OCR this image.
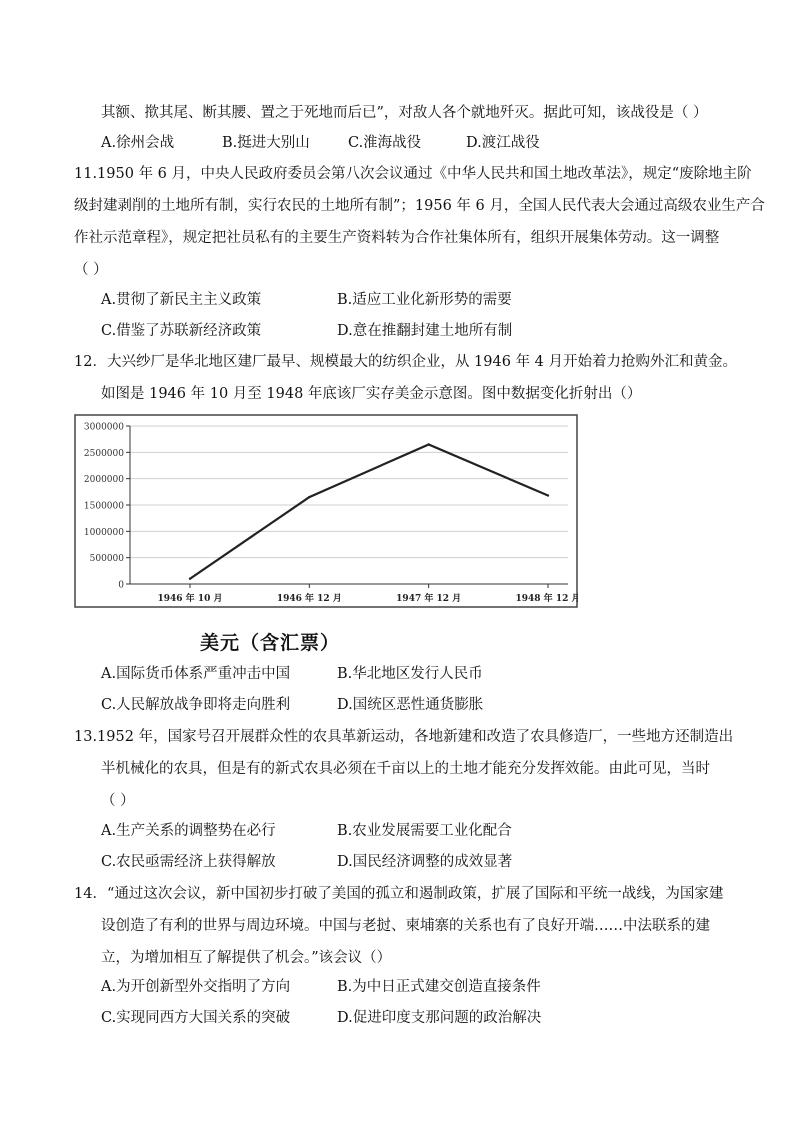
其额、揿其尾、断其腰、置之于死地而后已”，对敌人各个就地歼灭。据此可知，该战役是（ ）
A.徐州会战	B.挺进大别山	C.淮海战役	D.渡江战役
11.1950 年 6 月，中央人民政府委员会第八次会议通过《中华人民共和国土地改革法》，规定“废除地主阶
级封建剥削的土地所有制，实行农民的土地所有制”；1956 年 6 月，全国人民代表大会通过高级农业生产合
作社示范章程》，规定把社员私有的主要生产资料转为合作社集体所有，组织开展集体劳动。这一调整
（ ）
A.贯彻了新民主主义政策	B.适应工业化新形势的需要
C.借鉴了苏联新经济政策	D.意在推翻封建土地所有制
12．大兴纱厂是华北地区建厂最早、规模最大的纺织企业，从 1946 年 4 月开始着力抢购外汇和黄金。
如图是 1946 年 10 月至 1948 年底该厂实存美金示意图。图中数据变化折射出（）
0
500000
1000000
1500000
2000000
2500000
3000000
1946 年 10 月	1946 年 12 月	1947 年 12 月	1948 年 12 月
美元（含汇票）
A.国际货币体系严重冲击中国	B.华北地区发行人民币
C.人民解放战争即将走向胜利	D.国统区恶性通货膨胀
13.1952 年，国家号召开展群众性的农具革新运动，各地新建和改造了农具修造厂，一些地方还制造出
半机械化的农具，但是有的新式农具必须在千亩以上的土地才能充分发挥效能。由此可见，当时
（ ）
A.生产关系的调整势在必行	B.农业发展需要工业化配合
C.农民亟需经济上获得解放	D.国民经济调整的成效显著
14．“通过这次会议，新中国初步打破了美国的孤立和遏制政策，扩展了国际和平统一战线，为国家建
设创造了有利的世界与周边环境。中国与老挝、柬埔寨的关系也有了良好开端……中法联系的建
立，为增加相互了解提供了机会。”该会议（）
A.为开创新型外交指明了方向	B.为中日正式建交创造直接条件
C.实现同西方大国关系的突破	D.促进印度支那问题的政治解决
